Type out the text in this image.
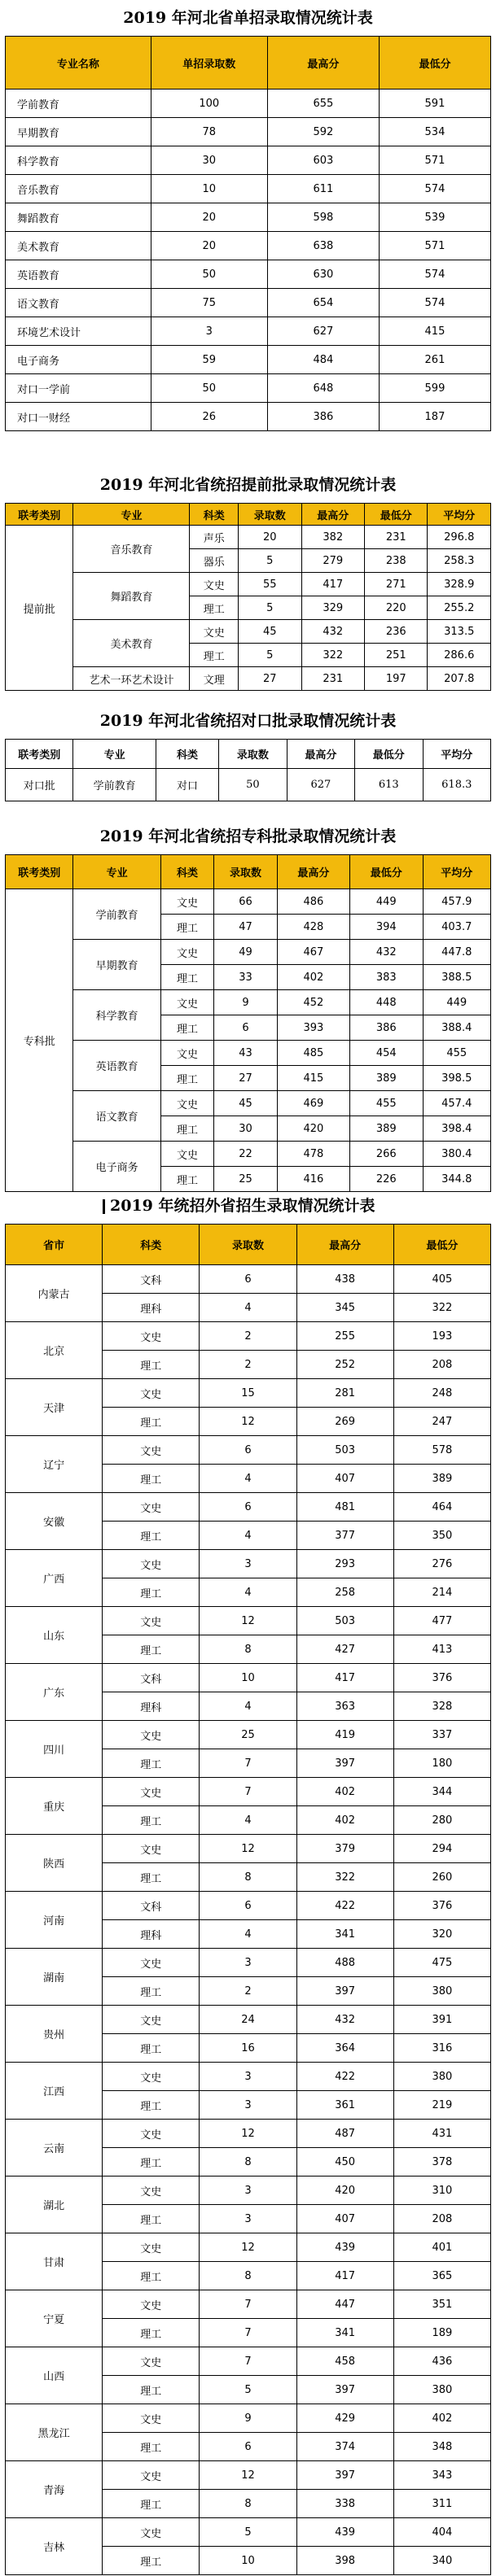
2019 年河北省单招录取情况统计表
专业名称	单招录取数	最高分	最低分
学前教育	100	655	591
早期教育	78	592	534
科学教育	30	603	571
音乐教育	10	611	574
舞蹈教育	20	598	539
美术教育	20	638	571
英语教育	50	630	574
语文教育	75	654	574
环境艺术设计	3	627	415
电子商务	59	484	261
对口一学前	50	648	599
对口一财经	26	386	187
2019 年河北省统招提前批录取情况统计表
联考类别	专业	科类	录取数	最高分	最低分	平均分
提前批	音乐教育	声乐	20	382	231	296.8
		器乐	5	279	238	258.3
	舞蹈教育	文史	55	417	271	328.9
		理工	5	329	220	255.2
	美术教育	文史	45	432	236	313.5
		理工	5	322	251	286.6
	艺术一环艺术设计	文理	27	231	197	207.8
2019 年河北省统招对口批录取情况统计表
联考类别	专业	科类	录取数	最高分	最低分	平均分
对口批	学前教育	对口	50	627	613	618.3
2019 年河北省统招专科批录取情况统计表
联考类别	专业	科类	录取数	最高分	最低分	平均分
专科批	学前教育	文史	66	486	449	457.9
		理工	47	428	394	403.7
	早期教育	文史	49	467	432	447.8
		理工	33	402	383	388.5
	科学教育	文史	9	452	448	449
		理工	6	393	386	388.4
	英语教育	文史	43	485	454	455
		理工	27	415	389	398.5
	语文教育	文史	45	469	455	457.4
		理工	30	420	389	398.4
	电子商务	文史	22	478	266	380.4
		理工	25	416	226	344.8
2019 年统招外省招生录取情况统计表
省市	科类	录取数	最高分	最低分
内蒙古	文科	6	438	405
	理科	4	345	322
北京	文史	2	255	193
	理工	2	252	208
天津	文史	15	281	248
	理工	12	269	247
辽宁	文史	6	503	578
	理工	4	407	389
安徽	文史	6	481	464
	理工	4	377	350
广西	文史	3	293	276
	理工	4	258	214
山东	文史	12	503	477
	理工	8	427	413
广东	文科	10	417	376
	理科	4	363	328
四川	文史	25	419	337
	理工	7	397	180
重庆	文史	7	402	344
	理工	4	402	280
陕西	文史	12	379	294
	理工	8	322	260
河南	文科	6	422	376
	理科	4	341	320
湖南	文史	3	488	475
	理工	2	397	380
贵州	文史	24	432	391
	理工	16	364	316
江西	文史	3	422	380
	理工	3	361	219
云南	文史	12	487	431
	理工	8	450	378
湖北	文史	3	420	310
	理工	3	407	208
甘肃	文史	12	439	401
	理工	8	417	365
宁夏	文史	7	447	351
	理工	7	341	189
山西	文史	7	458	436
	理工	5	397	380
黑龙江	文史	9	429	402
	理工	6	374	348
青海	文史	12	397	343
	理工	8	338	311
吉林	文史	5	439	404
	理工	10	398	340
